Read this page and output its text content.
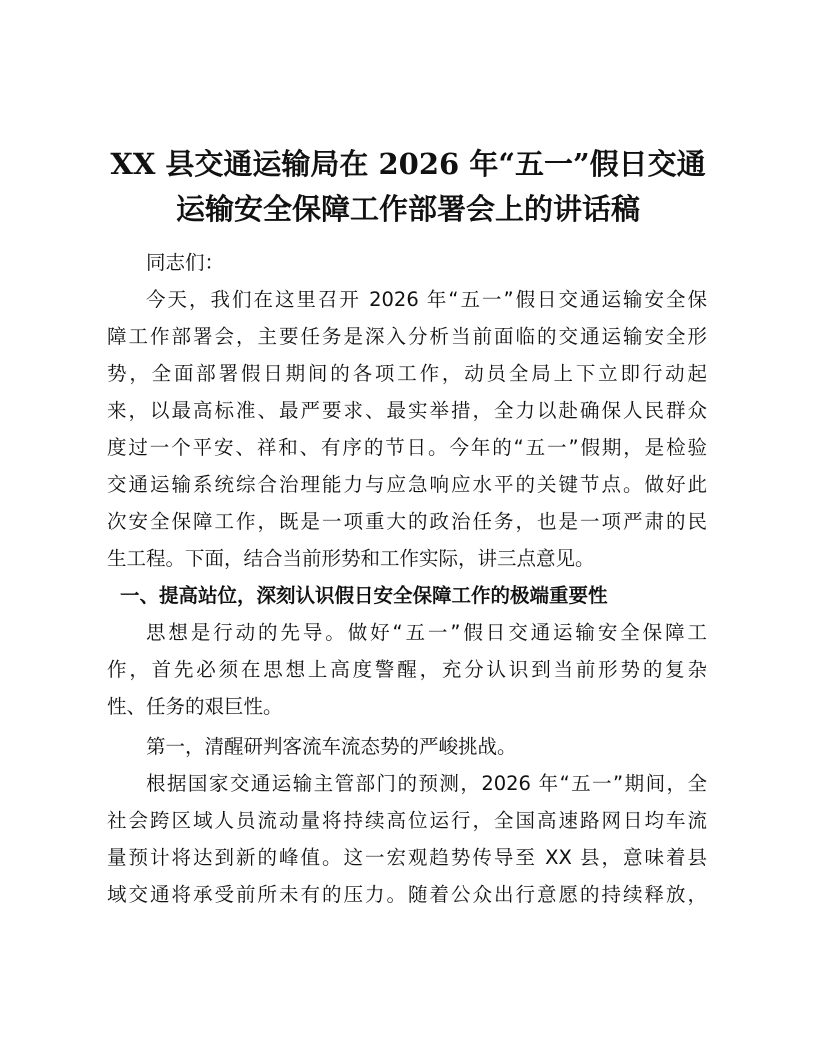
XX 县交通运输局在 2026 年“五一”假日交通
运输安全保障工作部署会上的讲话稿
同志们：
今天，我们在这里召开 2026 年“五一”假日交通运输安全保
障工作部署会，主要任务是深入分析当前面临的交通运输安全形
势，全面部署假日期间的各项工作，动员全局上下立即行动起
来，以最高标准、最严要求、最实举措，全力以赴确保人民群众
度过一个平安、祥和、有序的节日。今年的“五一”假期，是检验
交通运输系统综合治理能力与应急响应水平的关键节点。做好此
次安全保障工作，既是一项重大的政治任务，也是一项严肃的民
生工程。下面，结合当前形势和工作实际，讲三点意见。
一、提高站位，深刻认识假日安全保障工作的极端重要性
思想是行动的先导。做好“五一”假日交通运输安全保障工
作，首先必须在思想上高度警醒，充分认识到当前形势的复杂
性、任务的艰巨性。
第一，清醒研判客流车流态势的严峻挑战。
根据国家交通运输主管部门的预测，2026 年“五一”期间，全
社会跨区域人员流动量将持续高位运行，全国高速路网日均车流
量预计将达到新的峰值。这一宏观趋势传导至 XX 县，意味着县
域交通将承受前所未有的压力。随着公众出行意愿的持续释放，
